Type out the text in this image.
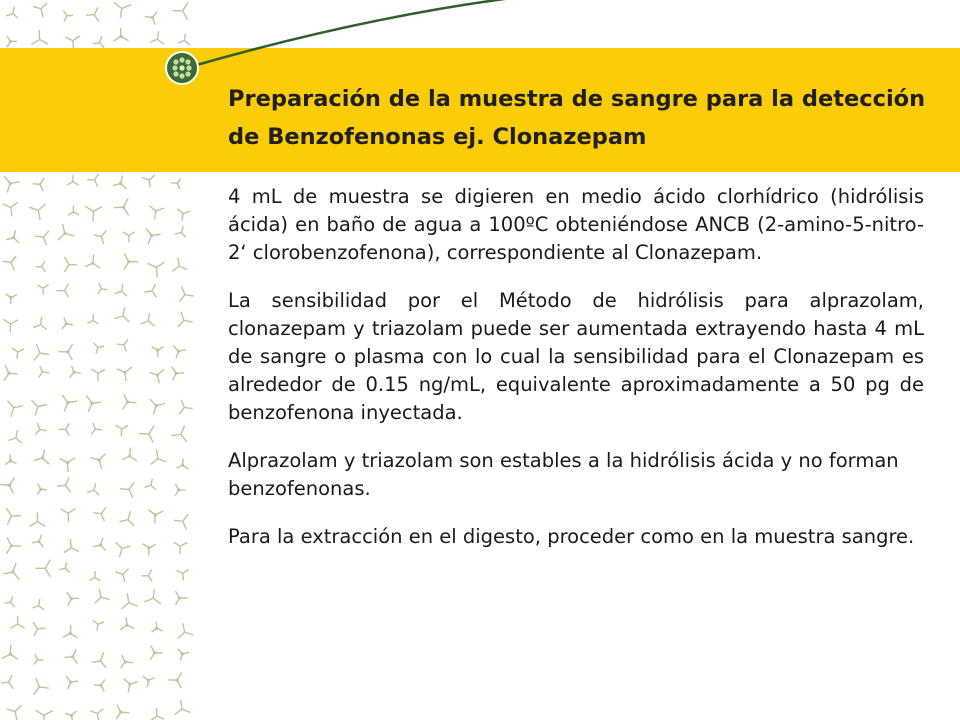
Preparación de la muestra de sangre para la detección de Benzofenonas ej. Clonazepam

4 mL de muestra se digieren en medio ácido clorhídrico (hidrólisis ácida) en baño de agua a 100ºC obteniéndose ANCB (2-amino-5-nitro-2‘ clorobenzofenona), correspondiente al Clonazepam.

La sensibilidad por el Método de hidrólisis para alprazolam, clonazepam y triazolam puede ser aumentada extrayendo hasta 4 mL de sangre o plasma con lo cual la sensibilidad para el Clonazepam es alrededor de 0.15 ng/mL, equivalente aproximadamente a 50 pg de benzofenona inyectada.

Alprazolam y triazolam son estables a la hidrólisis ácida y no forman benzofenonas.

Para la extracción en el digesto, proceder como en la muestra sangre.
